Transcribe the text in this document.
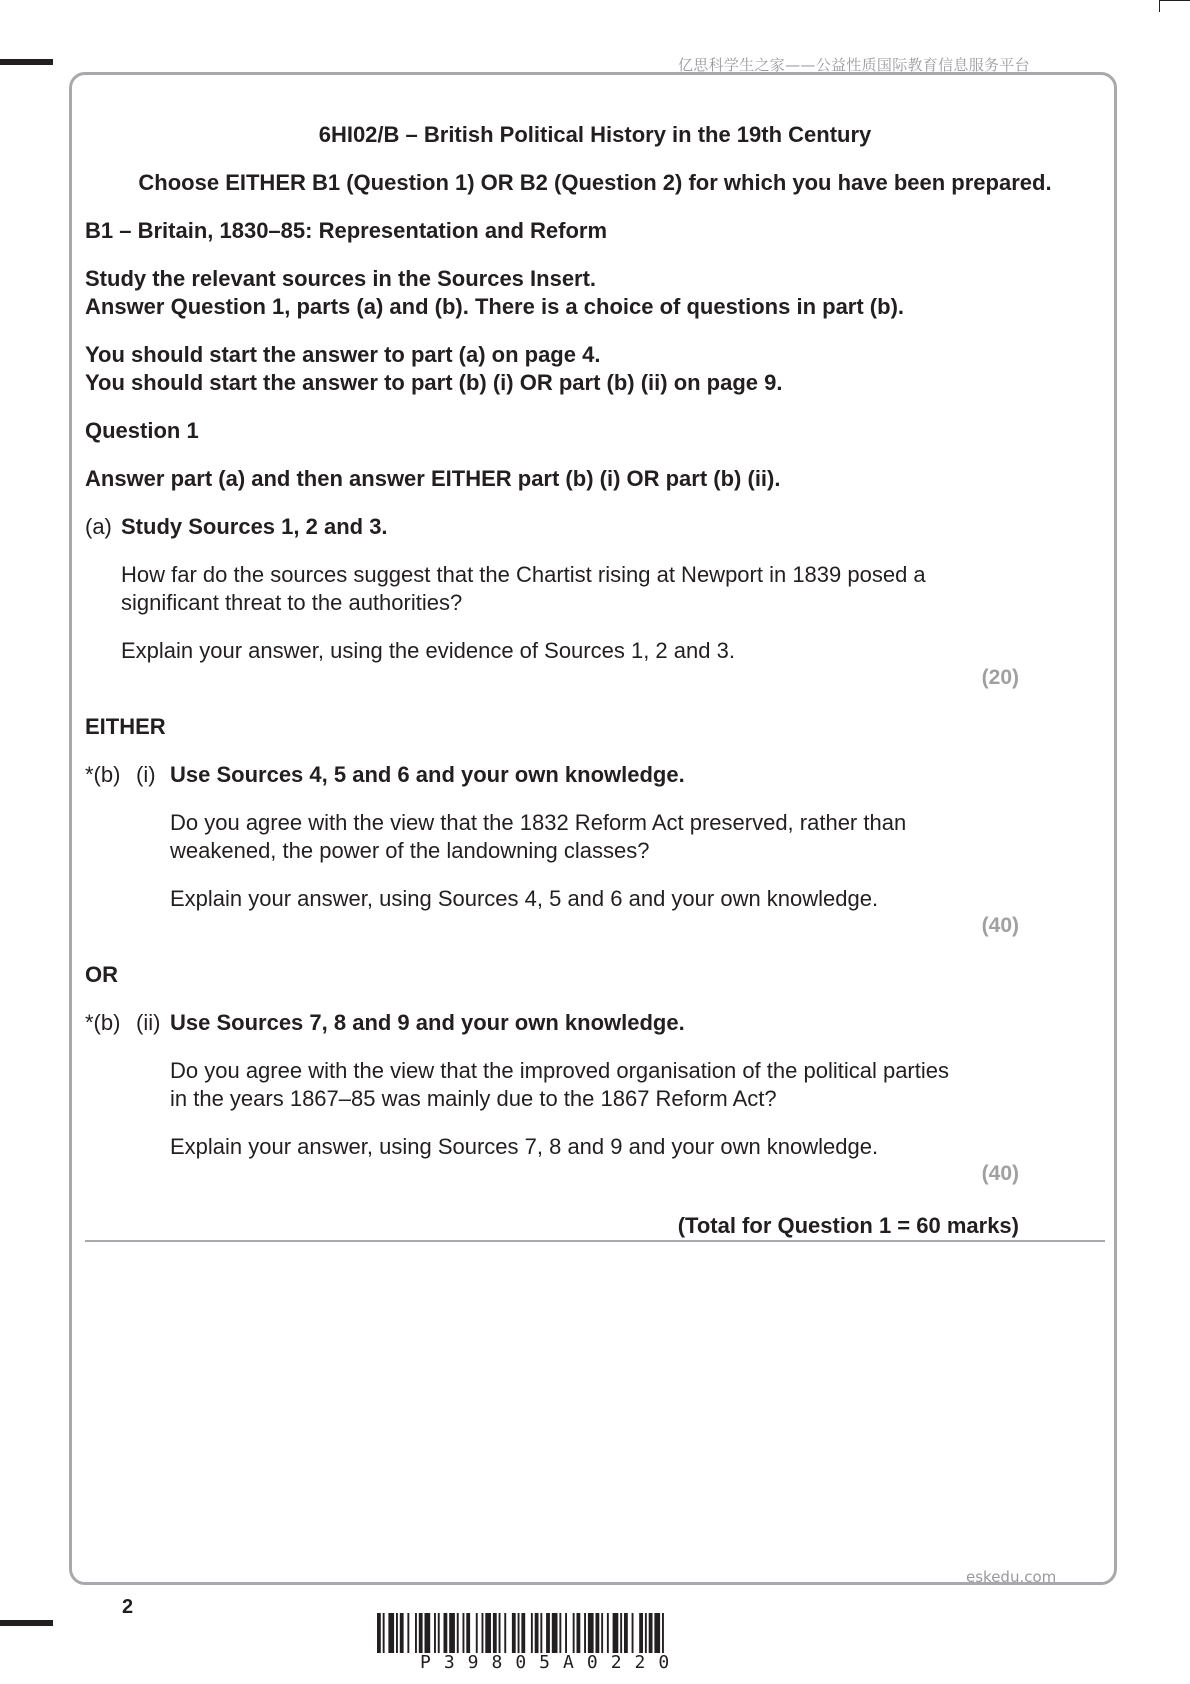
亿思科学生之家——公益性质国际教育信息服务平台
6HI02/B – British Political History in the 19th Century
Choose EITHER B1 (Question 1) OR B2 (Question 2) for which you have been prepared.
B1 – Britain, 1830–85: Representation and Reform
Study the relevant sources in the Sources Insert.
Answer Question 1, parts (a) and (b). There is a choice of questions in part (b).
You should start the answer to part (a) on page 4.
You should start the answer to part (b) (i) OR part (b) (ii) on page 9.
Question 1
Answer part (a) and then answer EITHER part (b) (i) OR part (b) (ii).
(a) Study Sources 1, 2 and 3.
How far do the sources suggest that the Chartist rising at Newport in 1839 posed a
significant threat to the authorities?
Explain your answer, using the evidence of Sources 1, 2 and 3.
(20)
EITHER
*(b) (i) Use Sources 4, 5 and 6 and your own knowledge.
Do you agree with the view that the 1832 Reform Act preserved, rather than
weakened, the power of the landowning classes?
Explain your answer, using Sources 4, 5 and 6 and your own knowledge.
(40)
OR
*(b) (ii) Use Sources 7, 8 and 9 and your own knowledge.
Do you agree with the view that the improved organisation of the political parties
in the years 1867–85 was mainly due to the 1867 Reform Act?
Explain your answer, using Sources 7, 8 and 9 and your own knowledge.
(40)
(Total for Question 1 = 60 marks)
eskedu.com
2
P39805A0220
